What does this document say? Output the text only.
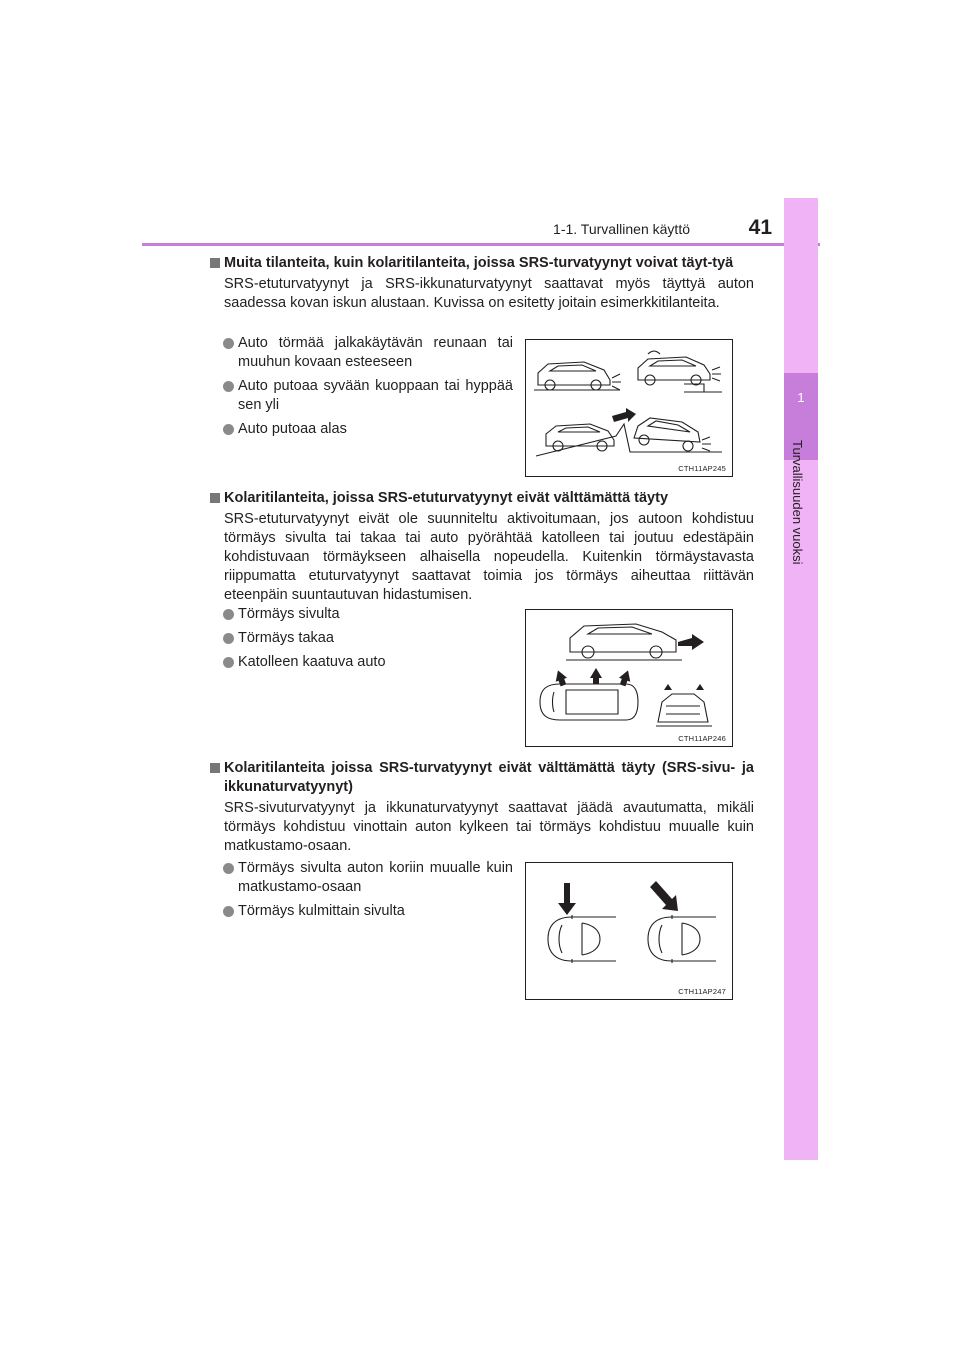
1-1. Turvallinen käyttö	41
1
Turvallisuuden vuoksi
Muita tilanteita, kuin kolaritilanteita, joissa SRS-turvatyynyt voivat täyt-tyä
SRS-etuturvatyynyt ja SRS-ikkunaturvatyynyt saattavat myös täyttyä auton saadessa kovan iskun alustaan. Kuvissa on esitetty joitain esimerkkitilanteita.
Auto törmää jalkakäytävän reunaan tai muuhun kovaan esteeseen
Auto putoaa syvään kuoppaan tai hyppää sen yli
Auto putoaa alas
CTH11AP245
Kolaritilanteita, joissa SRS-etuturvatyynyt eivät välttämättä täyty
SRS-etuturvatyynyt eivät ole suunniteltu aktivoitumaan, jos autoon kohdistuu törmäys sivulta tai takaa tai auto pyörähtää katolleen tai joutuu edestäpäin kohdistuvaan törmäykseen alhaisella nopeudella. Kuitenkin törmäystavasta riippumatta etuturvatyynyt saattavat toimia jos törmäys aiheuttaa riittävän eteenpäin suuntautuvan hidastumisen.
Törmäys sivulta
Törmäys takaa
Katolleen kaatuva auto
CTH11AP246
Kolaritilanteita joissa SRS-turvatyynyt eivät välttämättä täyty (SRS-sivu- ja ikkunaturvatyynyt)
SRS-sivuturvatyynyt ja ikkunaturvatyynyt saattavat jäädä avautumatta, mikäli törmäys kohdistuu vinottain auton kylkeen tai törmäys kohdistuu muualle kuin matkustamo-osaan.
Törmäys sivulta auton koriin muualle kuin matkustamo-osaan
Törmäys kulmittain sivulta
CTH11AP247
